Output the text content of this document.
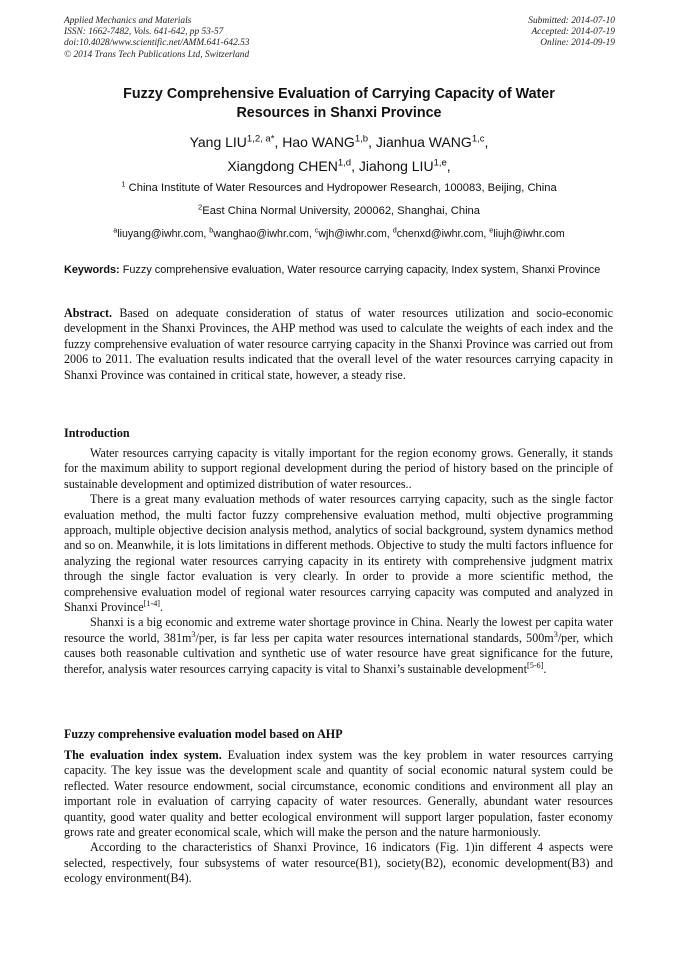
Applied Mechanics and Materials
ISSN: 1662-7482, Vols. 641-642, pp 53-57
doi:10.4028/www.scientific.net/AMM.641-642.53
© 2014 Trans Tech Publications Ltd, Switzerland
Submitted: 2014-07-10
Accepted: 2014-07-19
Online: 2014-09-19
Fuzzy Comprehensive Evaluation of Carrying Capacity of Water
Resources in Shanxi Province
Yang $LIU^{1,2, a*}$, Hao WANG$^{1,b}$, Jianhua WANG$^{1,c}$,
Xiangdong CHEN$^{1,d}$, Jiahong LIU$^{1,e}$,
$^1$ China Institute of Water Resources and Hydropower Research, 100083, Beijing, China
$^2$East China Normal University, 200062, Shanghai, China
$^a$liuyang@iwhr.com, $^b$wanghao@iwhr.com, $^c$wjh@iwhr.com, $^d$chenxd@iwhr.com, $^e$liujh@iwhr.com
Keywords: Fuzzy comprehensive evaluation, Water resource carrying capacity, Index system, Shanxi Province

Abstract. Based on adequate consideration of status of water resources utilization and socio-economic development in the Shanxi Provinces, the AHP method was used to calculate the weights of each index and the fuzzy comprehensive evaluation of water resource carrying capacity in the Shanxi Province was carried out from 2006 to 2011. The evaluation results indicated that the overall level of the water resources carrying capacity in Shanxi Province was contained in critical state, however, a steady rise.

Introduction

Water resources carrying capacity is vitally important for the region economy grows. Generally, it stands for the maximum ability to support regional development during the period of history based on the principle of sustainable development and optimized distribution of water resources..

There is a great many evaluation methods of water resources carrying capacity, such as the single factor evaluation method, the multi factor fuzzy comprehensive evaluation method, multi objective programming approach, multiple objective decision analysis method, analytics of social background, system dynamics method and so on. Meanwhile, it is lots limitations in different methods. Objective to study the multi factors influence for analyzing the regional water resources carrying capacity in its entirety with comprehensive judgment matrix through the single factor evaluation is very clearly. In order to provide a more scientific method, the comprehensive evaluation model of regional water resources carrying capacity was computed and analyzed in Shanxi Province[1-4].

Shanxi is a big economic and extreme water shortage province in China. Nearly the lowest per capita water resource the world, $381m^3$/per, is far less per capita water resources international standards, $500m^3$/per, which causes both reasonable cultivation and synthetic use of water resource have great significance for the future, therefor, analysis water resources carrying capacity is vital to Shanxi’s sustainable development[5-6].

Fuzzy comprehensive evaluation model based on AHP

The evaluation index system. Evaluation index system was the key problem in water resources carrying capacity. The key issue was the development scale and quantity of social economic natural system could be reflected. Water resource endowment, social circumstance, economic conditions and environment all play an important role in evaluation of carrying capacity of water resources. Generally, abundant water resources quantity, good water quality and better ecological environment will support larger population, faster economy grows rate and greater economical scale, which will make the person and the nature harmoniously.

According to the characteristics of Shanxi Province, 16 indicators (Fig. 1)in different 4 aspects were selected, respectively, four subsystems of water resource(B1), society(B2), economic development(B3) and ecology environment(B4).
